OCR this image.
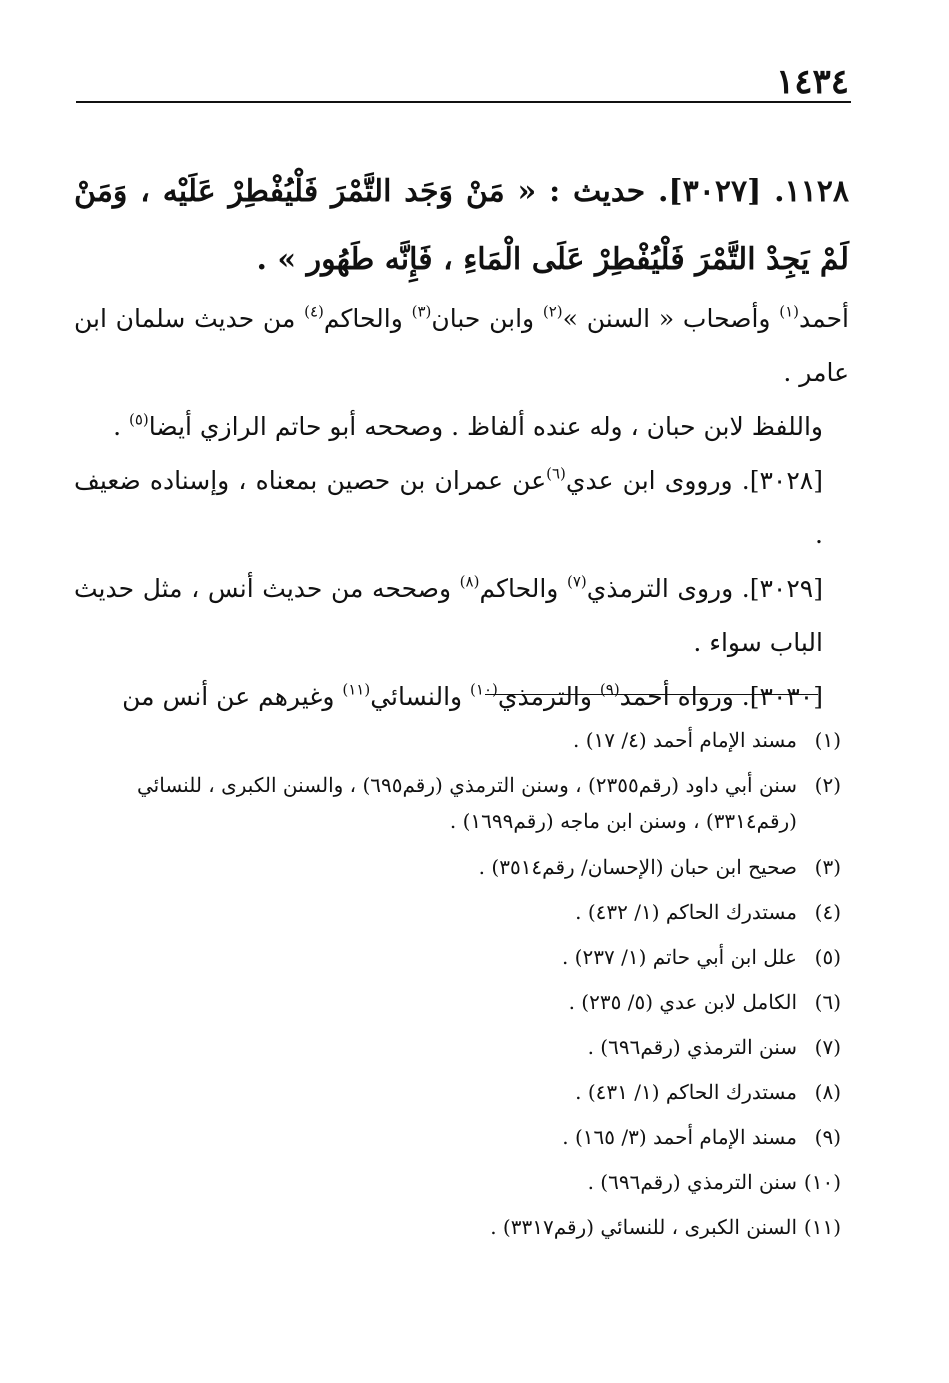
١٤٣٤
١١٢٨. [٣٠٢٧]. حديث : « مَنْ وَجَد التَّمْرَ فَلْيُفْطِرْ عَلَيْه ، وَمَنْ لَمْ يَجِدْ التَّمْرَ فَلْيُفْطِرْ عَلَى الْمَاءِ ، فَإِنَّه طَهُور » .

أحمد$^{(١)}$ وأصحاب « السنن »$^{(٢)}$ وابن حبان$^{(٣)}$ والحاكم$^{(٤)}$ من حديث سلمان ابن عامر .

واللفظ لابن حبان ، وله عنده ألفاظ . وصححه أبو حاتم الرازي أيضا$^{(٥)}$ .

[٣٠٢٨]. ورووى ابن عدي$^{(٦)}$عن عمران بن حصين بمعناه ، وإسناده ضعيف .

[٣٠٢٩]. وروى الترمذي$^{(٧)}$ والحاكم$^{(٨)}$ وصححه من حديث أنس ، مثل حديث الباب سواء .

[٣٠٣٠]. ورواه أحمد$^{(٩)}$ والترمذي$^{(١٠)}$ والنسائي$^{(١١)}$ وغيرهم عن أنس من

(١)
مسند الإمام أحمد (٤/ ١٧) .
(٢)
سنن أبي داود (رقم٢٣٥٥) ، وسنن الترمذي (رقم٦٩٥) ، والسنن الكبرى ، للنسائي (رقم٣٣١٤) ، وسنن ابن ماجه (رقم١٦٩٩) .
(٣)
صحيح ابن حبان (الإحسان/ رقم٣٥١٤) .
(٤)
مستدرك الحاكم (١/ ٤٣٢) .
(٥)
علل ابن أبي حاتم (١/ ٢٣٧) .
(٦)
الكامل لابن عدي (٥/ ٢٣٥) .
(٧)
سنن الترمذي (رقم٦٩٦) .
(٨)
مستدرك الحاكم (١/ ٤٣١) .
(٩)
مسند الإمام أحمد (٣/ ١٦٥) .
(١٠)
سنن الترمذي (رقم٦٩٦) .
(١١)
السنن الكبرى ، للنسائي (رقم٣٣١٧) .
